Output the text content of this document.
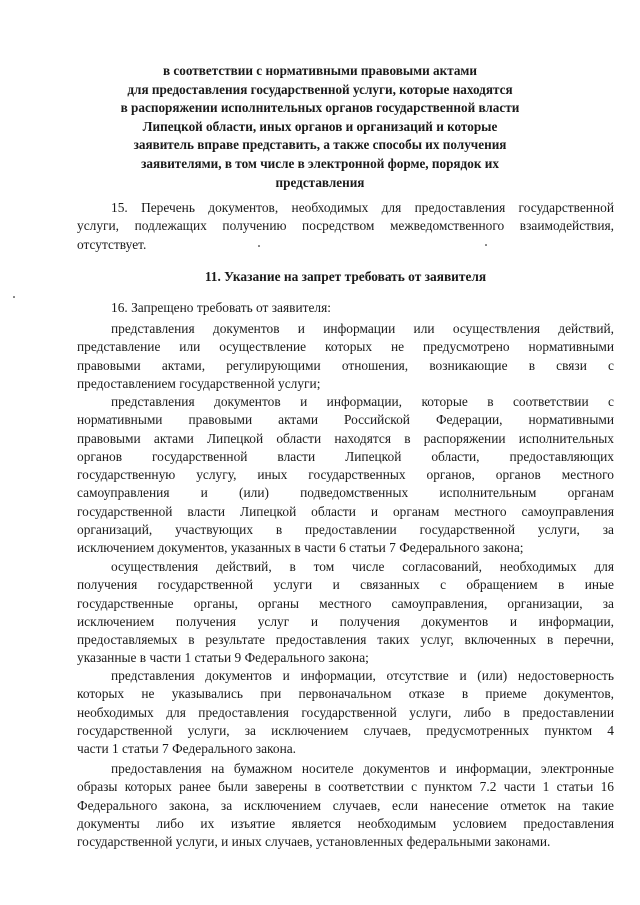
в соответствии с нормативными правовыми актами
для предоставления государственной услуги, которые находятся
в распоряжении исполнительных органов государственной власти
Липецкой области, иных органов и организаций и которые
заявитель вправе представить, а также способы их получения
заявителями, в том числе в электронной форме, порядок их
представления
15. Перечень документов, необходимых для предоставления государственной
услуги, подлежащих получению посредством межведомственного взаимодействия,
отсутствует.
11. Указание на запрет требовать от заявителя
16. Запрещено требовать от заявителя:
представления документов и информации или осуществления действий,
представление или осуществление которых не предусмотрено нормативными
правовыми актами, регулирующими отношения, возникающие в связи с
предоставлением государственной услуги;
представления документов и информации, которые в соответствии с
нормативными правовыми актами Российской Федерации, нормативными
правовыми актами Липецкой области находятся в распоряжении исполнительных
органов государственной власти Липецкой области, предоставляющих
государственную услугу, иных государственных органов, органов местного
самоуправления и (или) подведомственных исполнительным органам
государственной власти Липецкой области и органам местного самоуправления
организаций, участвующих в предоставлении государственной услуги, за
исключением документов, указанных в части 6 статьи 7 Федерального закона;
осуществления действий, в том числе согласований, необходимых для
получения государственной услуги и связанных с обращением в иные
государственные органы, органы местного самоуправления, организации, за
исключением получения услуг и получения документов и информации,
предоставляемых в результате предоставления таких услуг, включенных в перечни,
указанные в части 1 статьи 9 Федерального закона;
представления документов и информации, отсутствие и (или) недостоверность
которых не указывались при первоначальном отказе в приеме документов,
необходимых для предоставления государственной услуги, либо в предоставлении
государственной услуги, за исключением случаев, предусмотренных пунктом 4
части 1 статьи 7 Федерального закона.
предоставления на бумажном носителе документов и информации, электронные
образы которых ранее были заверены в соответствии с пунктом 7.2 части 1 статьи 16
Федерального закона, за исключением случаев, если нанесение отметок на такие
документы либо их изъятие является необходимым условием предоставления
государственной услуги, и иных случаев, установленных федеральными законами.
